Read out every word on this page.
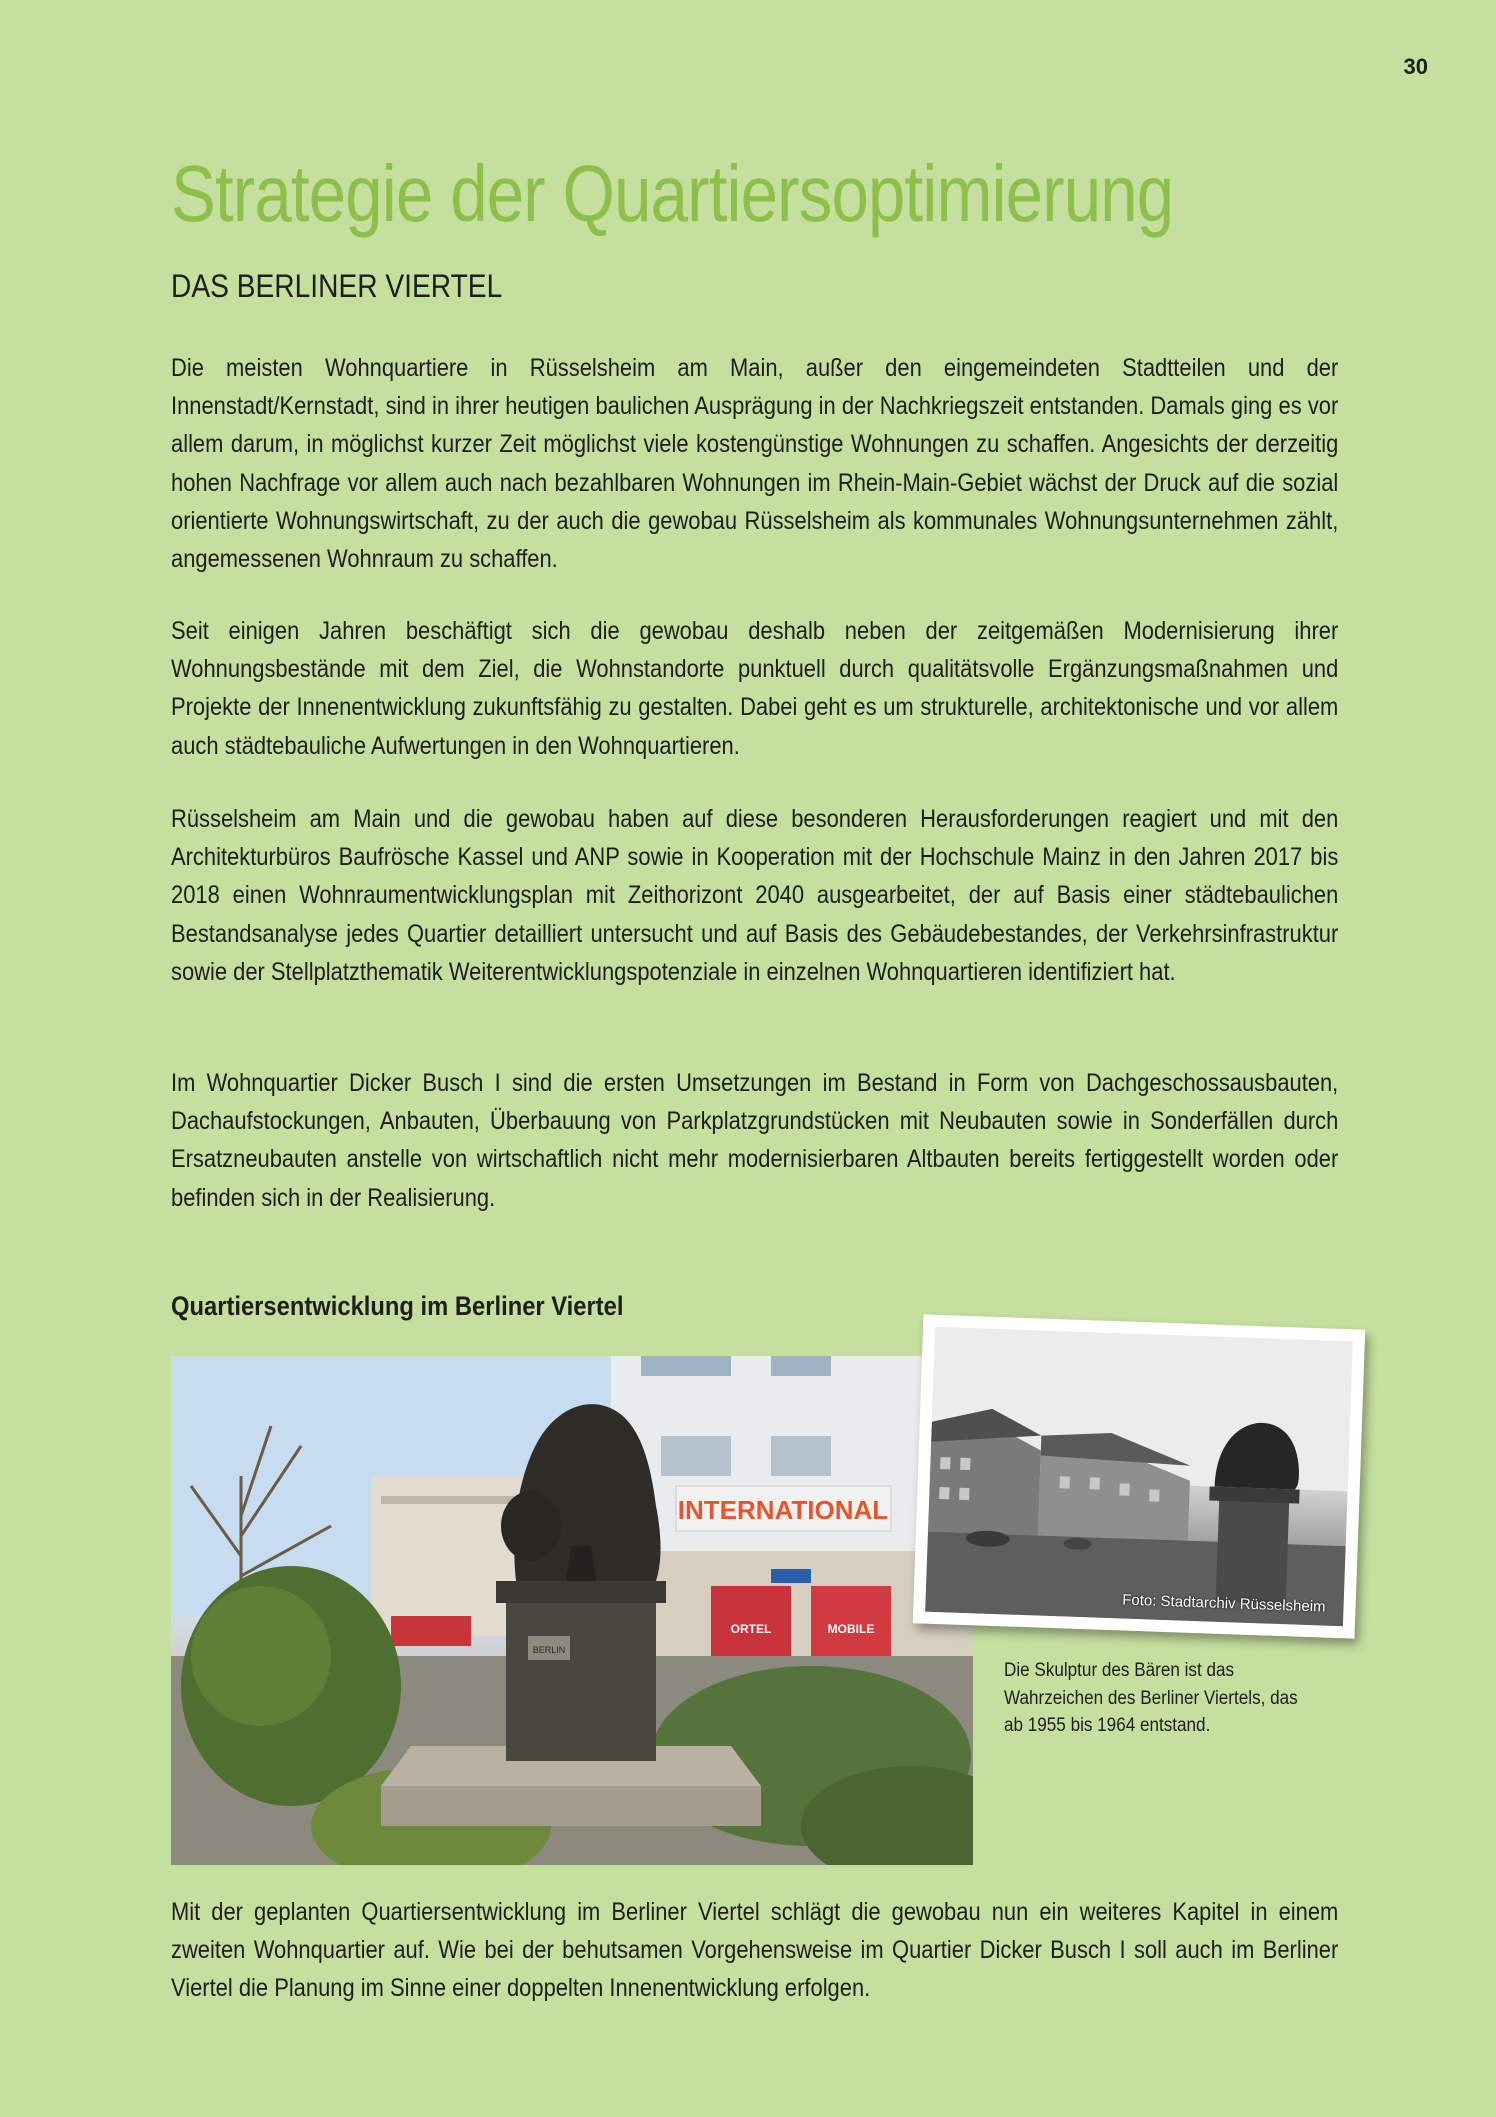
30
Strategie der Quartiersoptimierung
DAS BERLINER VIERTEL

Die meisten Wohnquartiere in Rüsselsheim am Main, außer den eingemeindeten Stadtteilen und der Innenstadt/Kernstadt, sind in ihrer heutigen baulichen Ausprägung in der Nachkriegszeit entstanden. Damals ging es vor allem darum, in möglichst kurzer Zeit möglichst viele kostengünstige Wohnungen zu schaffen. Angesichts der derzeitig hohen Nachfrage vor allem auch nach bezahlbaren Wohnungen im Rhein-Main-Gebiet wächst der Druck auf die sozial orientierte Wohnungswirtschaft, zu der auch die gewobau Rüsselsheim als kommunales Wohnungsunternehmen zählt, angemessenen Wohnraum zu schaffen.

Seit einigen Jahren beschäftigt sich die gewobau deshalb neben der zeitgemäßen Modernisierung ihrer Wohnungsbestände mit dem Ziel, die Wohnstandorte punktuell durch qualitätsvolle Ergänzungsmaßnahmen und Projekte der Innenentwicklung zukunftsfähig zu gestalten. Dabei geht es um strukturelle, architektonische und vor allem auch städtebauliche Aufwertungen in den Wohnquartieren.

Rüsselsheim am Main und die gewobau haben auf diese besonderen Herausforderungen reagiert und mit den Architekturbüros Baufrösche Kassel und ANP sowie in Kooperation mit der Hochschule Mainz in den Jahren 2017 bis 2018 einen Wohnraumentwicklungsplan mit Zeithorizont 2040 ausgearbeitet, der auf Basis einer städtebaulichen Bestandsanalyse jedes Quartier detailliert untersucht und auf Basis des Gebäudebestandes, der Verkehrsinfrastruktur sowie der Stellplatzthematik Weiterentwicklungspotenziale in einzelnen Wohnquartieren identifiziert hat.

Im Wohnquartier Dicker Busch I sind die ersten Umsetzungen im Bestand in Form von Dachgeschossausbauten, Dachaufstockungen, Anbauten, Überbauung von Parkplatzgrundstücken mit Neubauten sowie in Sonderfällen durch Ersatzneubauten anstelle von wirtschaftlich nicht mehr modernisierbaren Altbauten bereits fertiggestellt worden oder befinden sich in der Realisierung.

Quartiersentwicklung im Berliner Viertel
INTERNATIONAL
ORTEL	MOBILE
BERLIN
Foto: Stadtarchiv Rüsselsheim

Die Skulptur des Bären ist das Wahrzeichen des Berliner Viertels, das ab 1955 bis 1964 entstand.

Mit der geplanten Quartiersentwicklung im Berliner Viertel schlägt die gewobau nun ein weiteres Kapitel in einem zweiten Wohnquartier auf. Wie bei der behutsamen Vorgehensweise im Quartier Dicker Busch I soll auch im Berliner Viertel die Planung im Sinne einer doppelten Innenentwicklung erfolgen.
